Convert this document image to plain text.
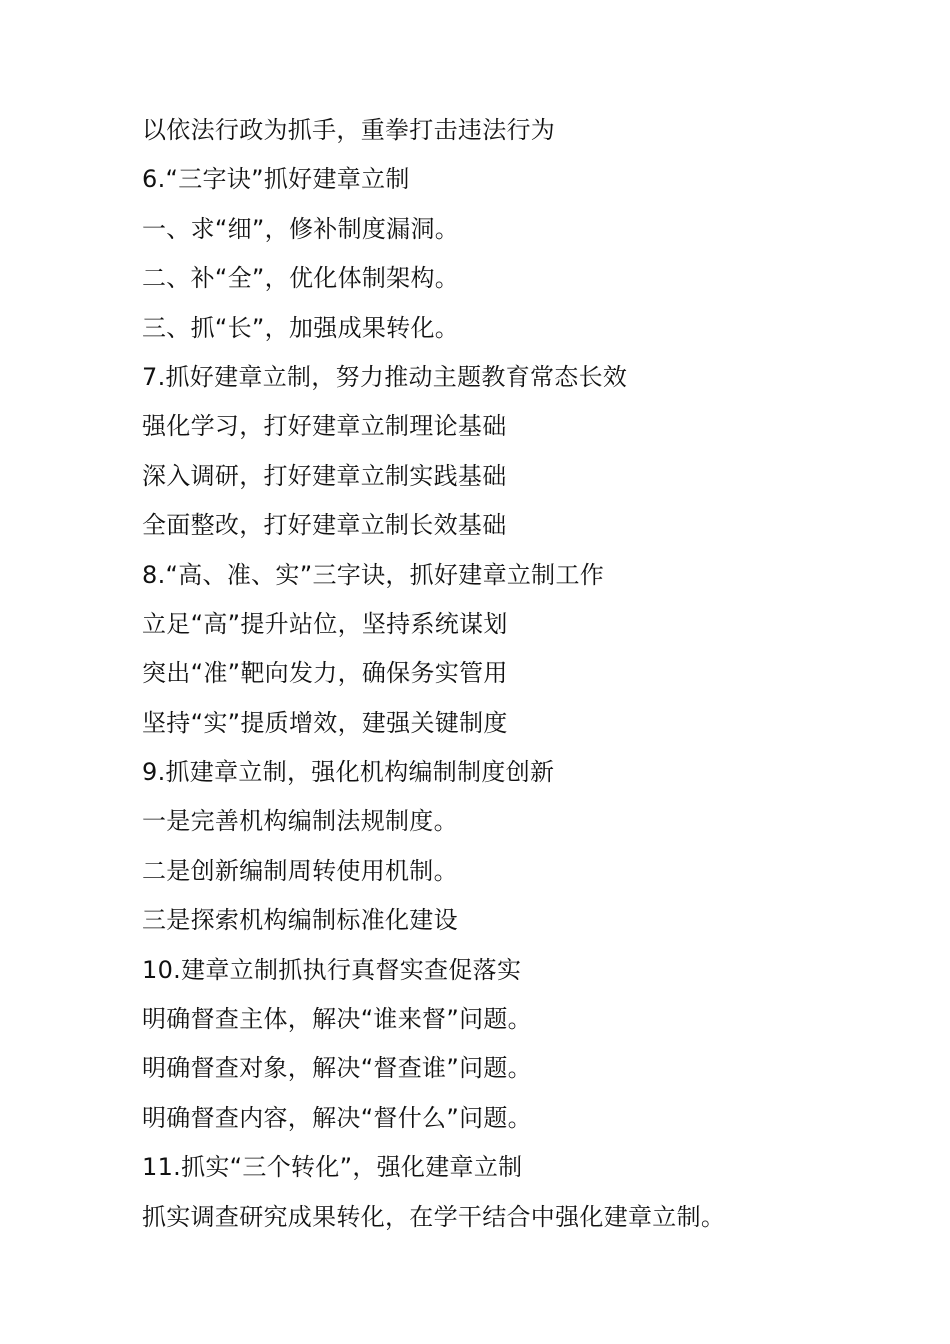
以依法行政为抓手，重拳打击违法行为
6.“三字诀”抓好建章立制
一、求“细”，修补制度漏洞。
二、补“全”，优化体制架构。
三、抓“长”，加强成果转化。
7.抓好建章立制，努力推动主题教育常态长效
强化学习，打好建章立制理论基础
深入调研，打好建章立制实践基础
全面整改，打好建章立制长效基础
8.“高、准、实”三字诀，抓好建章立制工作
立足“高”提升站位，坚持系统谋划
突出“准”靶向发力，确保务实管用
坚持“实”提质增效，建强关键制度
9.抓建章立制，强化机构编制制度创新
一是完善机构编制法规制度。
二是创新编制周转使用机制。
三是探索机构编制标准化建设
10.建章立制抓执行真督实查促落实
明确督查主体，解决“谁来督”问题。
明确督查对象，解决“督查谁”问题。
明确督查内容，解决“督什么”问题。
11.抓实“三个转化”，强化建章立制
抓实调查研究成果转化，在学干结合中强化建章立制。
